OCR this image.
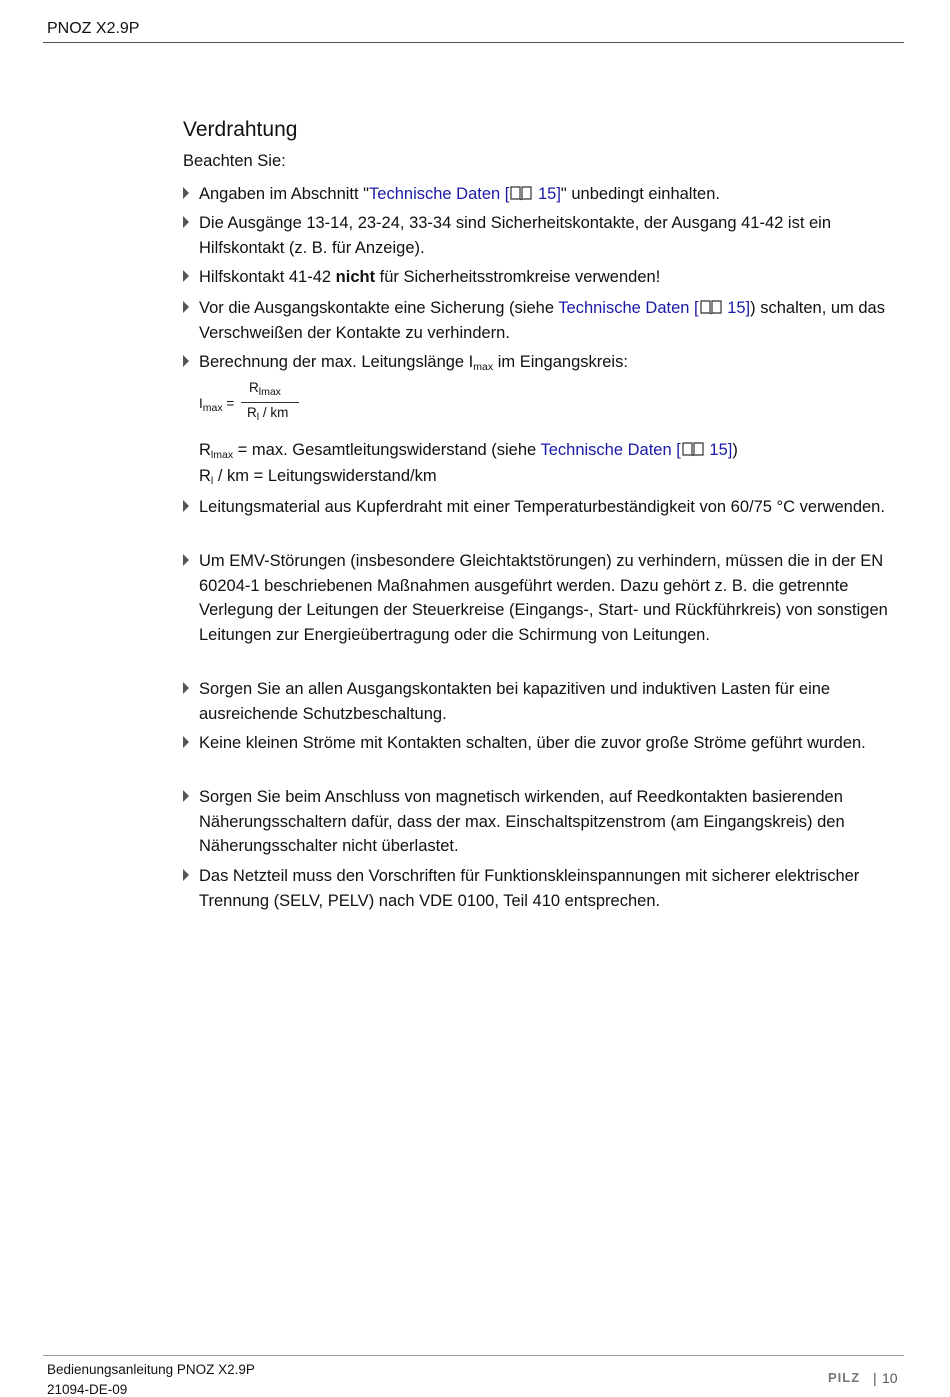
PNOZ X2.9P
Verdrahtung
Beachten Sie:
Angaben im Abschnitt "Technische Daten [ 15]" unbedingt einhalten.
Die Ausgänge 13-14, 23-24, 33-34 sind Sicherheitskontakte, der Ausgang 41-42 ist ein Hilfskontakt (z. B. für Anzeige).
Hilfskontakt 41-42 nicht für Sicherheitsstromkreise verwenden!
Vor die Ausgangskontakte eine Sicherung (siehe Technische Daten [ 15]) schalten, um das Verschweißen der Kontakte zu verhindern.
Berechnung der max. Leitungslänge $I_{max}$ im Eingangskreis:
$I_{max}$ =
$R_{lmax}$
$R_l$ / km
$R_{lmax} = \max$. Gesamtleitungswiderstand (siehe Technische Daten [ 15])
$R_l$ / km = Leitungswiderstand/km
Leitungsmaterial aus Kupferdraht mit einer Temperaturbeständigkeit von 60/75 °C verwenden.
Um EMV-Störungen (insbesondere Gleichtaktstörungen) zu verhindern, müssen die in der EN 60204-1 beschriebenen Maßnahmen ausgeführt werden. Dazu gehört z. B. die getrennte Verlegung der Leitungen der Steuerkreise (Eingangs-, Start- und Rückführkreis) von sonstigen Leitungen zur Energieübertragung oder die Schirmung von Leitungen.
Sorgen Sie an allen Ausgangskontakten bei kapazitiven und induktiven Lasten für eine ausreichende Schutzbeschaltung.
Keine kleinen Ströme mit Kontakten schalten, über die zuvor große Ströme geführt wurden.
Sorgen Sie beim Anschluss von magnetisch wirkenden, auf Reedkontakten basierenden Näherungsschaltern dafür, dass der max. Einschaltspitzenstrom (am Eingangskreis) den Näherungsschalter nicht überlastet.
Das Netzteil muss den Vorschriften für Funktionskleinspannungen mit sicherer elektrischer Trennung (SELV, PELV) nach VDE 0100, Teil 410 entsprechen.
Bedienungsanleitung PNOZ X2.9P
21094-DE-09
PILZ | 10
